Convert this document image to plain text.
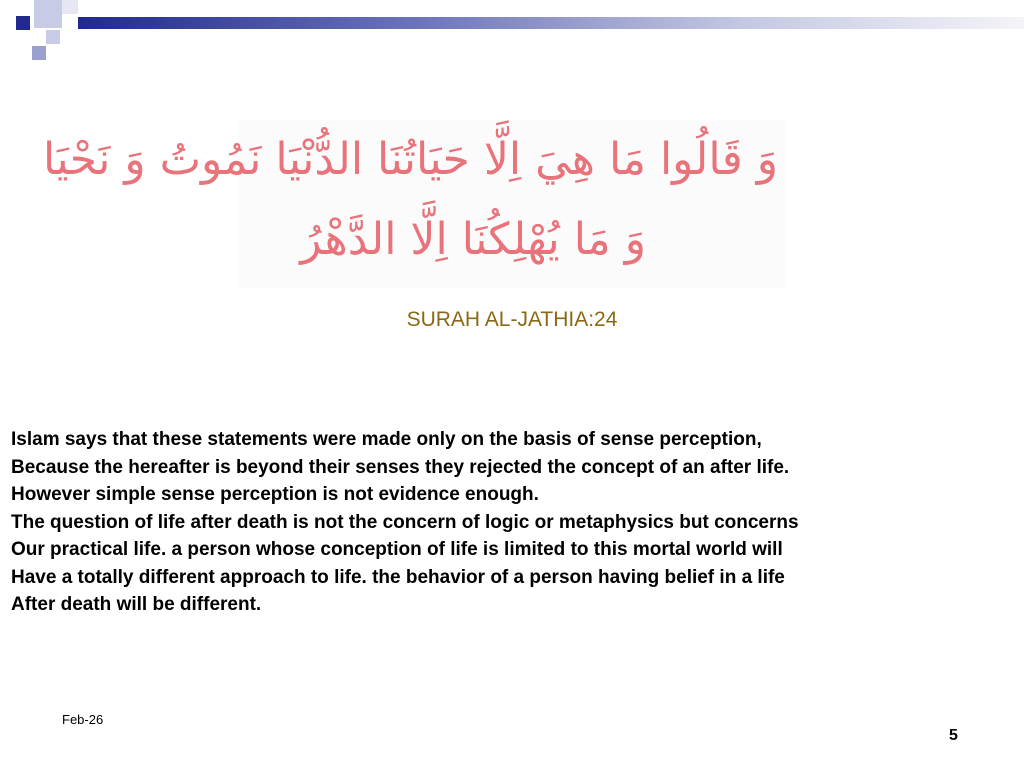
وَ قَالُوا مَا هِيَ اِلَّا حَيَاتُنَا الدُّنْيَا نَمُوتُ وَ نَحْيَا
وَ مَا يُهْلِكُنَا اِلَّا الدَّهْرُ
SURAH AL-JATHIA:24

Islam says that these statements were made only on the basis of sense perception,

Because the hereafter is beyond their senses they rejected the concept of an after life.

However simple sense perception is not evidence enough.

The question of life after death is not the concern of logic or metaphysics but concerns

Our practical life. a person whose conception of life is limited to this mortal world will

Have a totally different approach to life. the behavior of a person having belief in a life

After death will be different.

Feb-26
5
